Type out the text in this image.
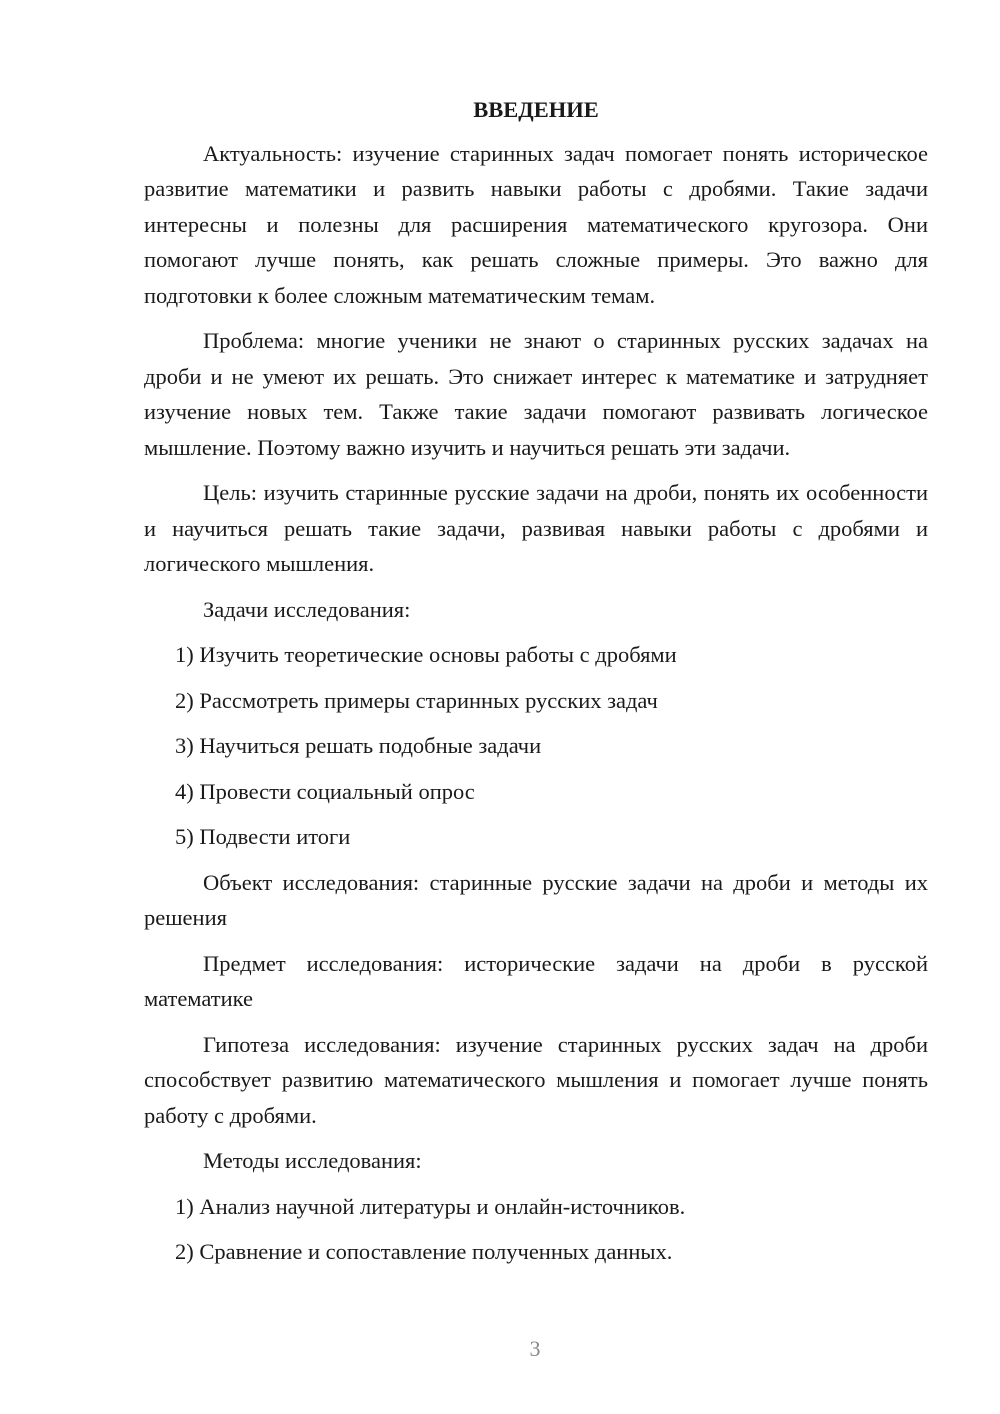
ВВЕДЕНИЕ

Актуальность: изучение старинных задач помогает понять историческое развитие математики и развить навыки работы с дробями. Такие задачи интересны и полезны для расширения математического кругозора. Они помогают лучше понять, как решать сложные примеры. Это важно для подготовки к более сложным математическим темам.

Проблема: многие ученики не знают о старинных русских задачах на дроби и не умеют их решать. Это снижает интерес к математике и затрудняет изучение новых тем. Также такие задачи помогают развивать логическое мышление. Поэтому важно изучить и научиться решать эти задачи.

Цель: изучить старинные русские задачи на дроби, понять их особенности и научиться решать такие задачи, развивая навыки работы с дробями и логического мышления.

Задачи исследования:

1) Изучить теоретические основы работы с дробями
2) Рассмотреть примеры старинных русских задач
3) Научиться решать подобные задачи
4) Провести социальный опрос
5) Подвести итоги

Объект исследования: старинные русские задачи на дроби и методы их решения

Предмет исследования: исторические задачи на дроби в русской математике

Гипотеза исследования: изучение старинных русских задач на дроби способствует развитию математического мышления и помогает лучше понять работу с дробями.

Методы исследования:

1) Анализ научной литературы и онлайн-источников.
2) Сравнение и сопоставление полученных данных.
3
